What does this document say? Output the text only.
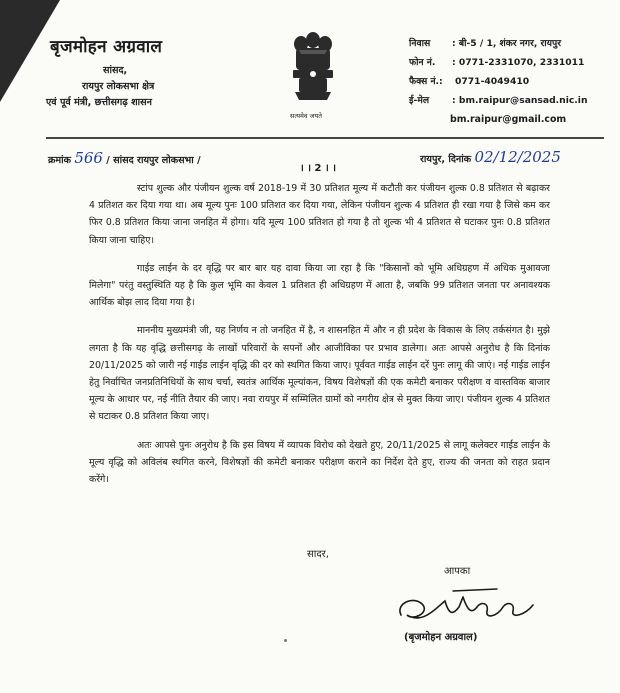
बृजमोहन अग्रवाल
सांसद,
रायपुर लोकसभा क्षेत्र
एवं पूर्व मंत्री, छत्तीसगढ़ शासन
सत्यमेव जयते
निवास	: बी-5 / 1, शंकर नगर, रायपुर
फोन नं.	: 0771-2331070, 2331011
फैक्स नं.:	0771-4049410
ई-मेल	: bm.raipur@sansad.nic.in
bm.raipur@gmail.com
क्रमांक 566 / सांसद रायपुर लोकसभा /	रायपुर, दिनांक 02/12/2025
। । 2 । ।

स्टांप शुल्क और पंजीयन शुल्क वर्ष 2018-19 में 30 प्रतिशत मूल्य में कटौती कर पंजीयन शुल्क 0.8 प्रतिशत से बढ़ाकर 4 प्रतिशत कर दिया गया था। अब मूल्य पुनः 100 प्रतिशत कर दिया गया, लेकिन पंजीयन शुल्क 4 प्रतिशत ही रखा गया है जिसे कम कर फिर 0.8 प्रतिशत किया जाना जनहित में होगा। यदि मूल्य 100 प्रतिशत हो गया है तो शुल्क भी 4 प्रतिशत से घटाकर पुनः 0.8 प्रतिशत किया जाना चाहिए।

गाईड लाईन के दर वृद्धि पर बार बार यह दावा किया जा रहा है कि "किसानों को भूमि अधिग्रहण में अधिक मुआवजा मिलेगा" परंतु वस्तुस्थिति यह है कि कुल भूमि का केवल 1 प्रतिशत ही अधिग्रहण में आता है, जबकि 99 प्रतिशत जनता पर अनावश्यक आर्थिक बोझ लाद दिया गया है।

माननीय मुख्यमंत्री जी, यह निर्णय न तो जनहित में है, न शासनहित में और न ही प्रदेश के विकास के लिए तर्कसंगत है। मुझे लगता है कि यह वृद्धि छत्तीसगढ़ के लाखों परिवारों के सपनों और आजीविका पर प्रभाव डालेगा। अतः आपसे अनुरोध है कि दिनांक 20/11/2025 को जारी नई गाईड लाईन वृद्धि की दर को स्थगित किया जाए। पूर्ववत गाईड लाईन दरें पुनः लागू की जाएं। नई गाईड लाईन हेतु निर्वाचित जनप्रतिनिधियों के साथ चर्चा, स्वतंत्र आर्थिक मूल्यांकन, विषय विशेषज्ञों की एक कमेटी बनाकर परीक्षण व वास्तविक बाजार मूल्य के आधार पर, नई नीति तैयार की जाए। नवा रायपुर में सम्मिलित ग्रामों को नगरीय क्षेत्र से मुक्त किया जाए। पंजीयन शुल्क 4 प्रतिशत से घटाकर 0.8 प्रतिशत किया जाए।

अतः आपसे पुनः अनुरोध है कि इस विषय में व्यापक विरोध को देखते हुए, 20/11/2025 से लागू कलेक्टर गाईड लाईन के मूल्य वृद्धि को अविलंब स्थगित करने, विशेषज्ञों की कमेटी बनाकर परीक्षण कराने का निर्देश देते हुए, राज्य की जनता को राहत प्रदान करेंगे।

सादर,
आपका
(बृजमोहन अग्रवाल)
